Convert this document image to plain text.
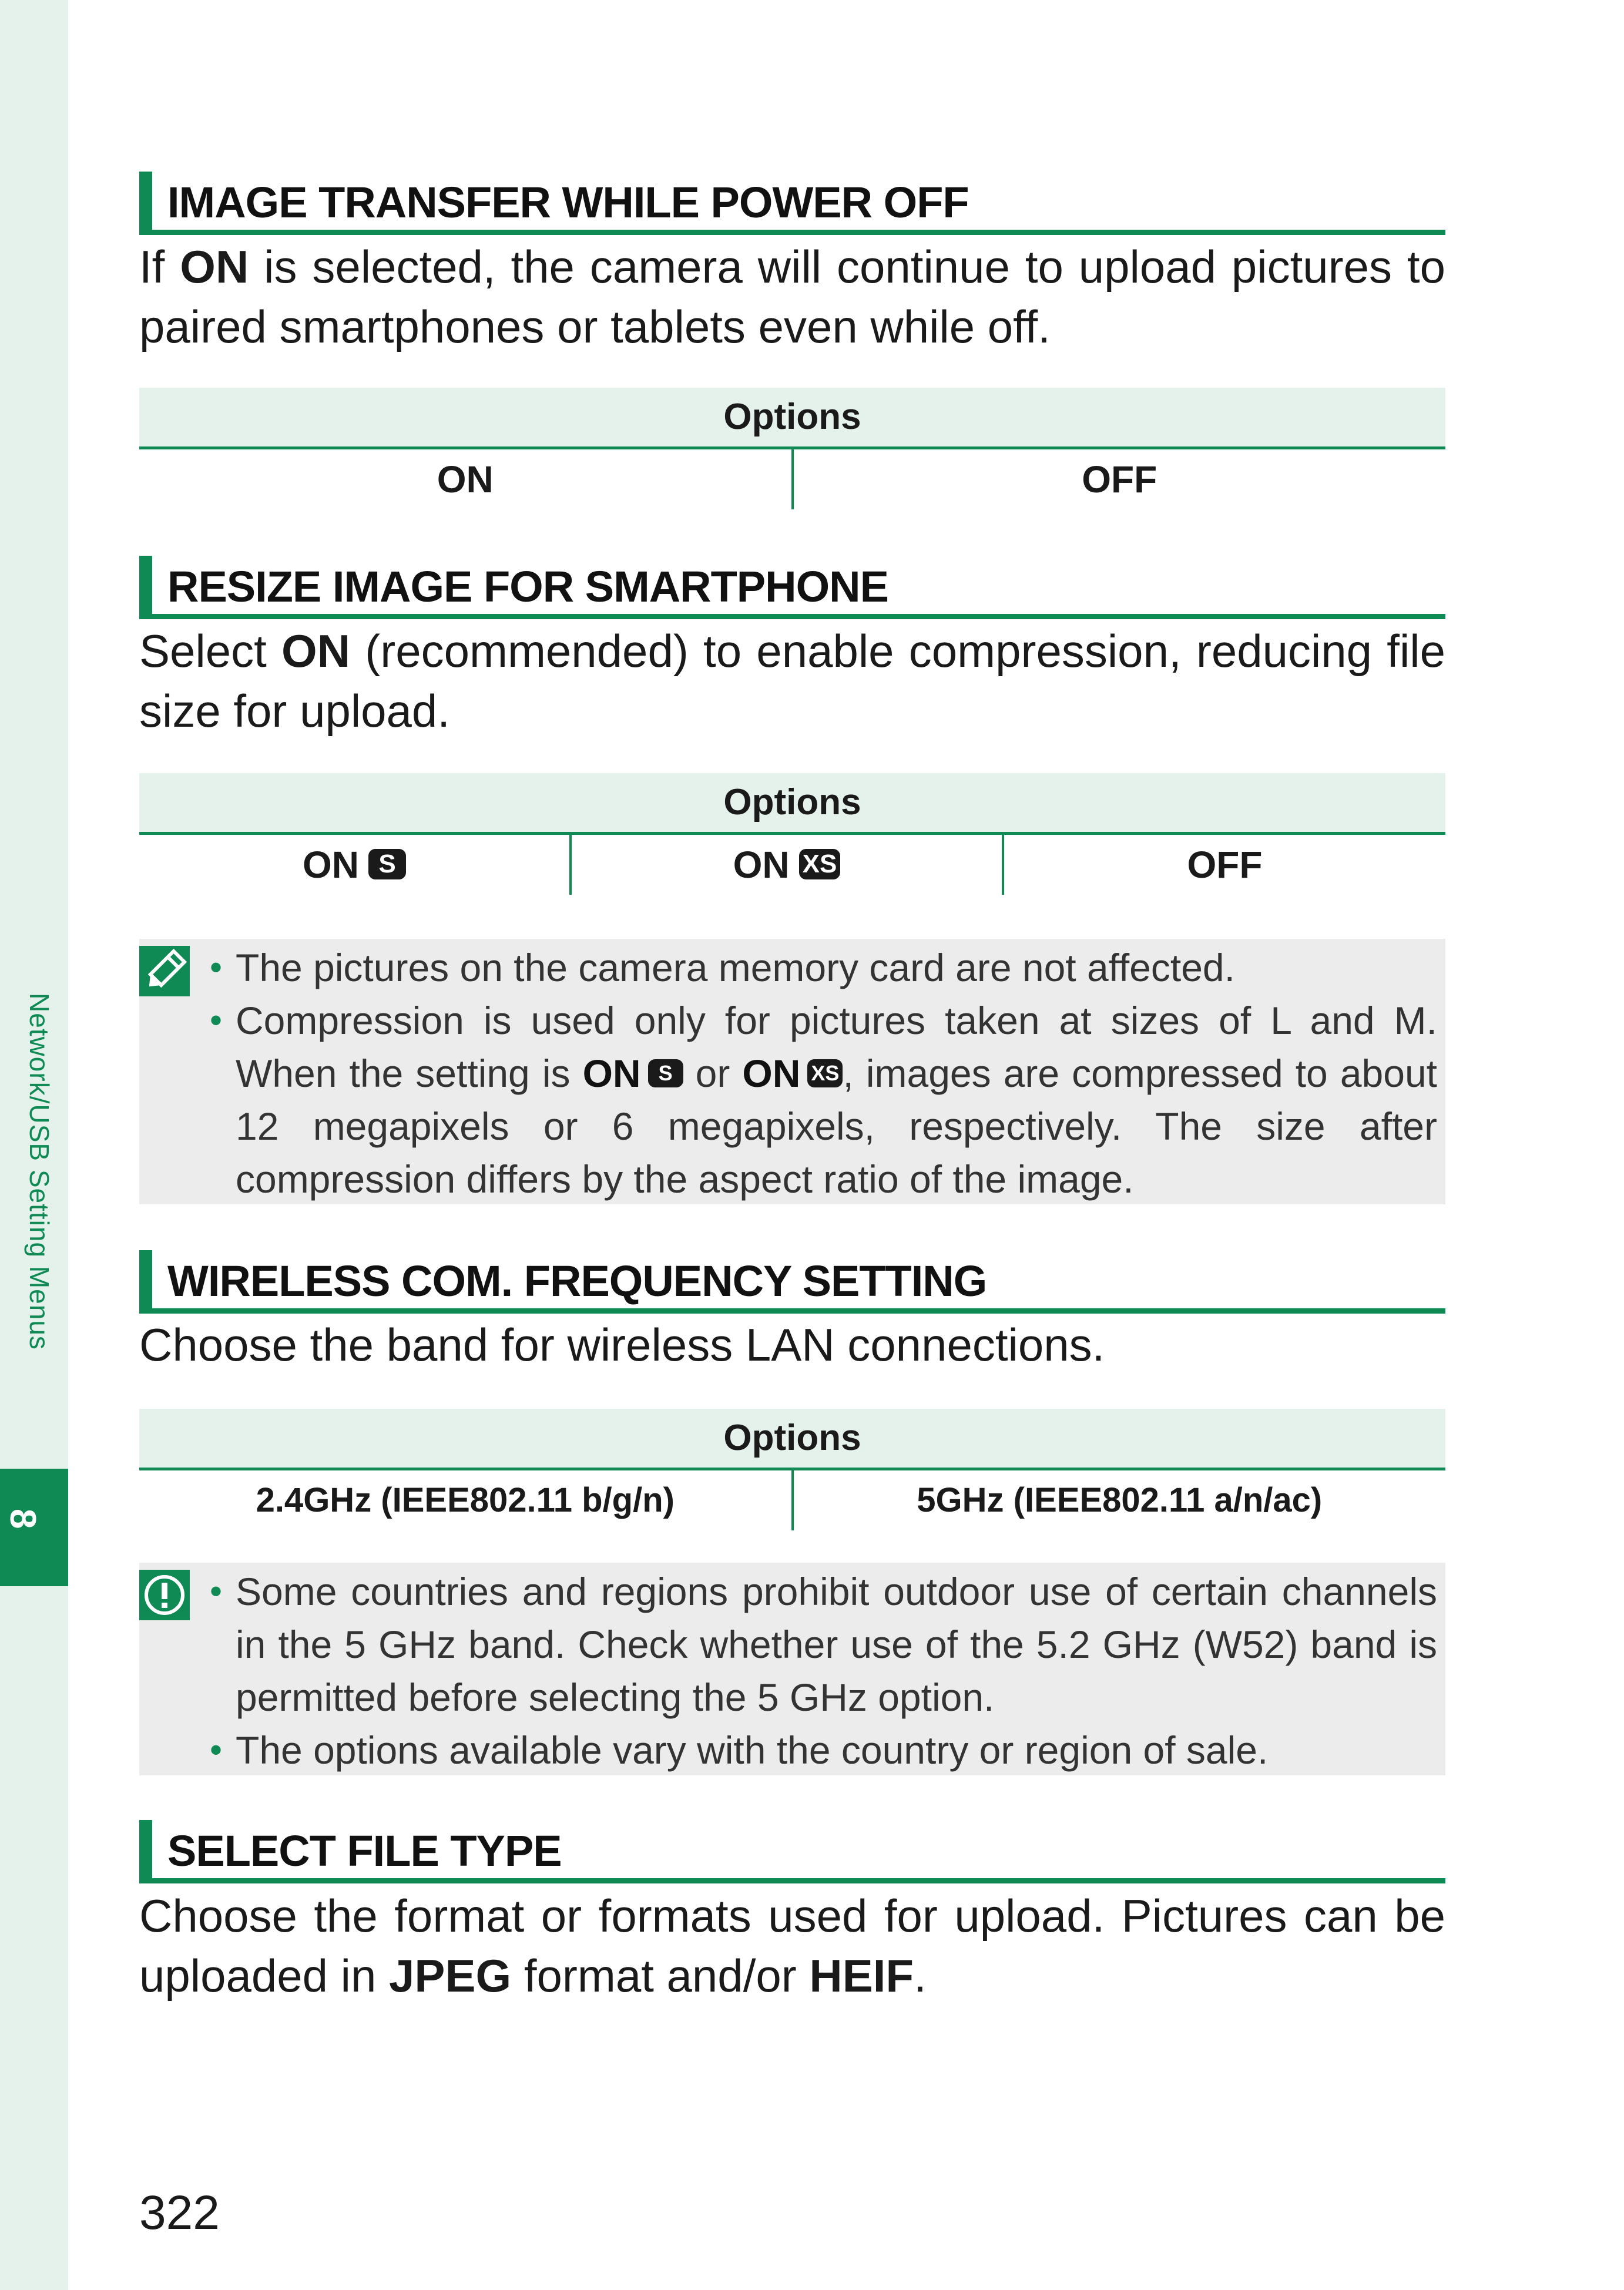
Network/USB Setting Menus
8
IMAGE TRANSFER WHILE POWER OFF
If ON is selected, the camera will continue to upload pictures to paired smartphones or tablets even while off.
Options
ON	OFF
RESIZE IMAGE FOR SMARTPHONE
Select ON (recommended) to enable compression, reducing file size for upload.
Options
ON S	ON XS	OFF
• The pictures on the camera memory card are not affected.
• Compression is used only for pictures taken at sizes of L and M. When the setting is ON S or ON XS, images are compressed to about 12 megapixels or 6 megapixels, respectively. The size after compression differs by the aspect ratio of the image.
WIRELESS COM. FREQUENCY SETTING
Choose the band for wireless LAN connections.
Options
2.4GHz (IEEE802.11 b/g/n)	5GHz (IEEE802.11 a/n/ac)
• Some countries and regions prohibit outdoor use of certain channels in the 5 GHz band. Check whether use of the 5.2 GHz (W52) band is permitted before selecting the 5 GHz option.
• The options available vary with the country or region of sale.
SELECT FILE TYPE
Choose the format or formats used for upload. Pictures can be uploaded in JPEG format and/or HEIF.
322
